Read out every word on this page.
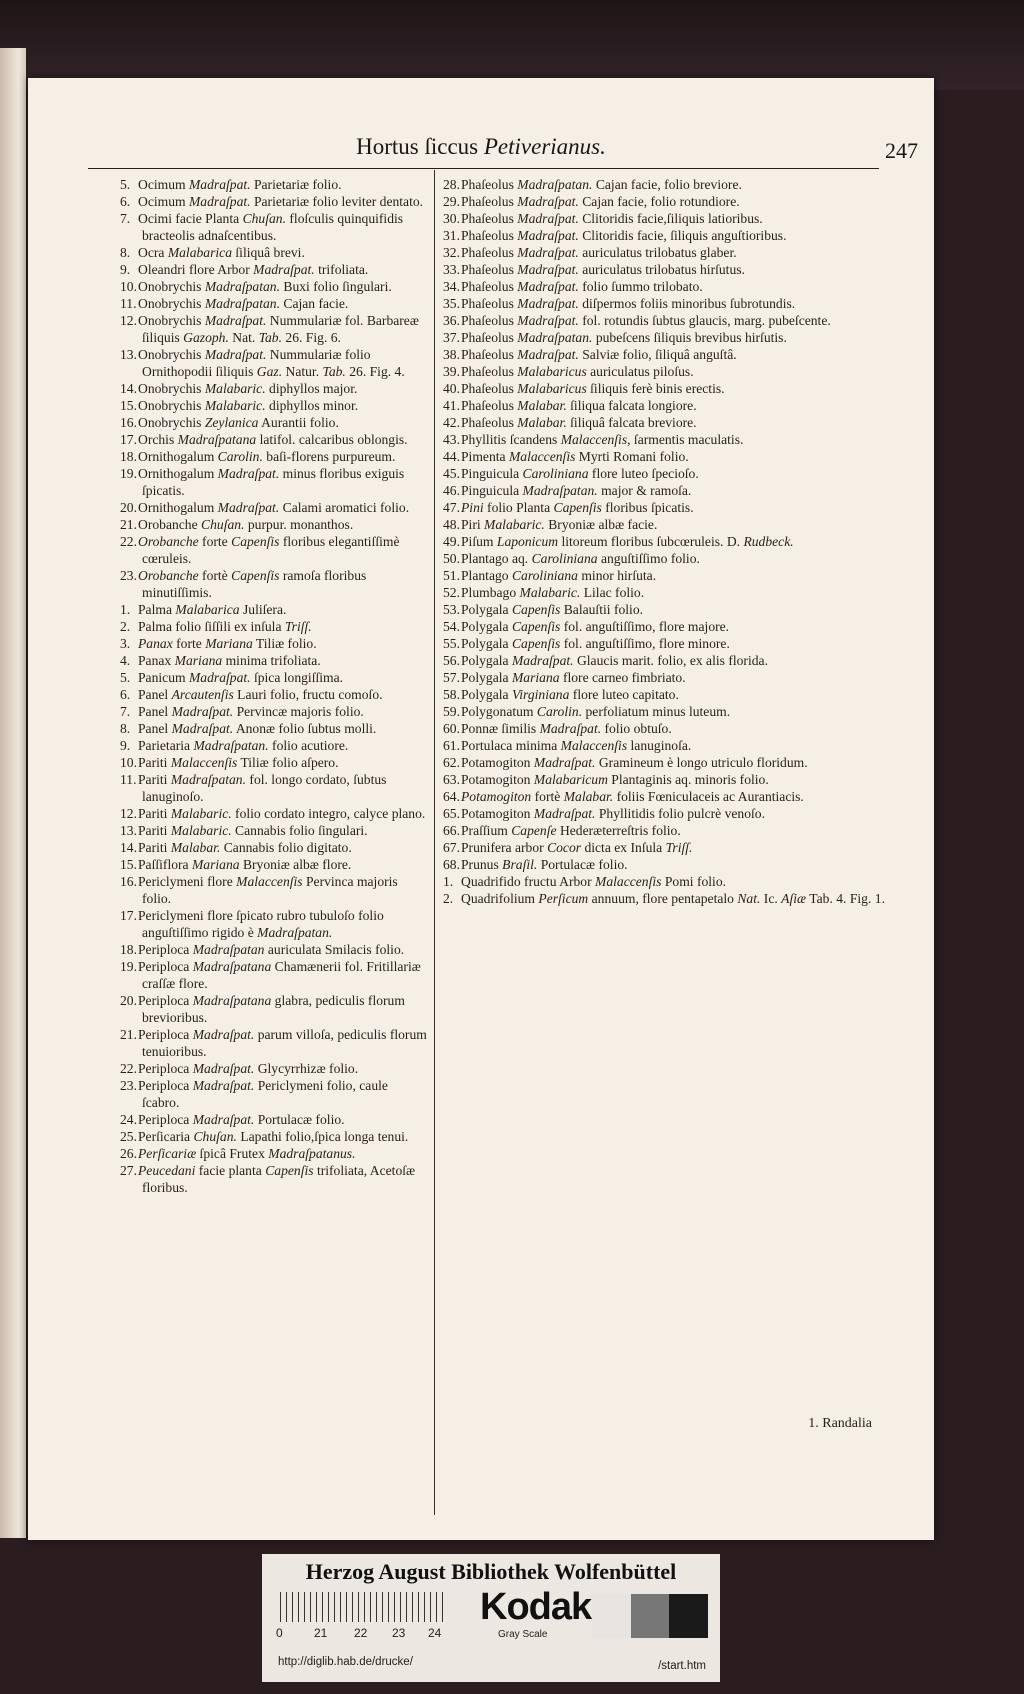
Hortus ſiccus Petiverianus.	247

5. Ocimum Madraſpat. Parietariæ folio.

6. Ocimum Madraſpat. Parietariæ folio leviter dentato.

7. Ocimi facie Planta Chuſan. floſculis quinquifidis bracteolis adnaſcentibus.

8. Ocra Malabarica ſiliquâ brevi.

9. Oleandri flore Arbor Madraſpat. trifoliata.

10.Onobrychis Madraſpatan. Buxi folio ſingulari.

11. Onobrychis Madraſpatan. Cajan facie.

12.Onobrychis Madraſpat. Nummulariæ fol. Barbareæ ſiliquis Gazoph. Nat. Tab. 26. Fig. 6.

13.Onobrychis Madraſpat. Nummulariæ folio Ornithopodii ſiliquis Gaz. Natur. Tab. 26. Fig. 4.

14.Onobrychis Malabaric. diphyllos major.

15.Onobrychis Malabaric. diphyllos minor.

16.Onobrychis Zeylanica Aurantii folio.

17.Orchis Madraſpatana latifol. calcaribus oblongis.

18.Ornithogalum Carolin. baſi-florens purpureum.

19.Ornithogalum Madraſpat. minus floribus exiguis ſpicatis.

20.Ornithogalum Madraſpat. Calami aromatici folio.

21.Orobanche Chuſan. purpur. monanthos.

22.Orobanche forte Capenſis floribus elegantiſſimè cœruleis.

23.Orobanche fortè Capenſis ramoſa floribus minutiſſimis.

1. Palma Malabarica Juliſera.

2. Palma folio ſiſſili ex inſula Triſſ.

3. Panax forte Mariana Tiliæ folio.

4. Panax Mariana minima trifoliata.

5. Panicum Madraſpat. ſpica longiſſima.

6. Panel Arcautenſis Lauri folio, fructu comoſo.

7. Panel Madraſpat. Pervincæ majoris folio.

8. Panel Madraſpat. Anonæ folio ſubtus molli.

9. Parietaria Madraſpatan. folio acutiore.

10.Pariti Malaccenſis Tiliæ folio aſpero.

11. Pariti Madraſpatan. fol. longo cordato, ſubtus lanuginoſo.

12.Pariti Malabaric. folio cordato integro, calyce plano.

13.Pariti Malabaric. Cannabis folio ſingulari.

14.Pariti Malabar. Cannabis folio digitato.

15.Paſſiflora Mariana Bryoniæ albæ flore.

16.Periclymeni flore Malaccenſis Pervinca majoris folio.

17.Periclymeni flore ſpicato rubro tubuloſo folio anguſtiſſimo rigido è Madraſpatan.

18.Periploca Madraſpatan auriculata Smilacis folio.

19.Periploca Madraſpatana Chamænerii fol. Fritillariæ craſſæ flore.

20.Periploca Madraſpatana glabra, pediculis florum brevioribus.

21.Periploca Madraſpat. parum villoſa, pediculis florum tenuioribus.

22.Periploca Madraſpat. Glycyrrhizæ folio.

23.Periploca Madraſpat. Periclymeni folio, caule ſcabro.

24.Periploca Madraſpat. Portulacæ folio.

25.Perſicaria Chuſan. Lapathi folio,ſpica longa tenui.

26.Perſicariæ ſpicâ Frutex Madraſpatanus.

27.Peucedani facie planta Capenſis trifoliata, Acetoſæ floribus.

28.Phaſeolus Madraſpatan. Cajan facie, folio breviore.

29.Phaſeolus Madraſpat. Cajan facie, folio rotundiore.

30.Phaſeolus Madraſpat. Clitoridis facie,ſiliquis latioribus.

31.Phaſeolus Madraſpat. Clitoridis facie, ſiliquis anguſtioribus.

32.Phaſeolus Madraſpat. auriculatus trilobatus glaber.

33.Phaſeolus Madraſpat. auriculatus trilobatus hirſutus.

34.Phaſeolus Madraſpat. folio ſummo trilobato.

35.Phaſeolus Madraſpat. diſpermos foliis minoribus ſubrotundis.

36.Phaſeolus Madraſpat. fol. rotundis ſubtus glaucis, marg. pubeſcente.

37.Phaſeolus Madraſpatan. pubeſcens ſiliquis brevibus hirſutis.

38.Phaſeolus Madraſpat. Salviæ folio, ſiliquâ anguſtâ.

39.Phaſeolus Malabaricus auriculatus piloſus.

40.Phaſeolus Malabaricus ſiliquis ferè binis erectis.

41.Phaſeolus Malabar. ſiliqua falcata longiore.

42.Phaſeolus Malabar. ſiliquâ falcata breviore.

43.Phyllitis ſcandens Malaccenſis, ſarmentis maculatis.

44.Pimenta Malaccenſis Myrti Romani folio.

45.Pinguicula Caroliniana flore luteo ſpecioſo.

46.Pinguicula Madraſpatan. major & ramoſa.

47.Pini folio Planta Capenſis floribus ſpicatis.

48.Piri Malabaric. Bryoniæ albæ facie.

49.Piſum Laponicum litoreum floribus ſubcœruleis. D. Rudbeck.

50.Plantago aq. Caroliniana anguſtiſſimo folio.

51.Plantago Caroliniana minor hirſuta.

52.Plumbago Malabaric. Lilac folio.

53.Polygala Capenſis Balauſtii folio.

54.Polygala Capenſis fol. anguſtiſſimo, flore majore.

55.Polygala Capenſis fol. anguſtiſſimo, flore minore.

56.Polygala Madraſpat. Glaucis marit. folio, ex alis florida.

57.Polygala Mariana flore carneo fimbriato.

58.Polygala Virginiana flore luteo capitato.

59.Polygonatum Carolin. perfoliatum minus luteum.

60.Ponnæ ſimilis Madraſpat. folio obtuſo.

61.Portulaca minima Malaccenſis lanuginoſa.

62.Potamogiton Madraſpat. Gramineum è longo utriculo floridum.

63.Potamogiton Malabaricum Plantaginis aq. minoris folio.

64.Potamogiton fortè Malabar. foliis Fœniculaceis ac Aurantiacis.

65.Potamogiton Madraſpat. Phyllitidis folio pulcrè venoſo.

66.Praſſium Capenſe Hederæterreſtris folio.

67.Prunifera arbor Cocor dicta ex Inſula Triſſ.

68.Prunus Braſil. Portulacæ folio.

1. Quadrifido fructu Arbor Malaccenſis Pomi folio.

2. Quadrifolium Perſicum annuum, flore pentapetalo Nat. Ic. Aſiæ Tab. 4. Fig. 1.

1. Randalia
Herzog August Bibliothek Wolfenbüttel
0	21 22 23 24
Kodak
Gray Scale
http://diglib.hab.de/drucke/	/start.htm
